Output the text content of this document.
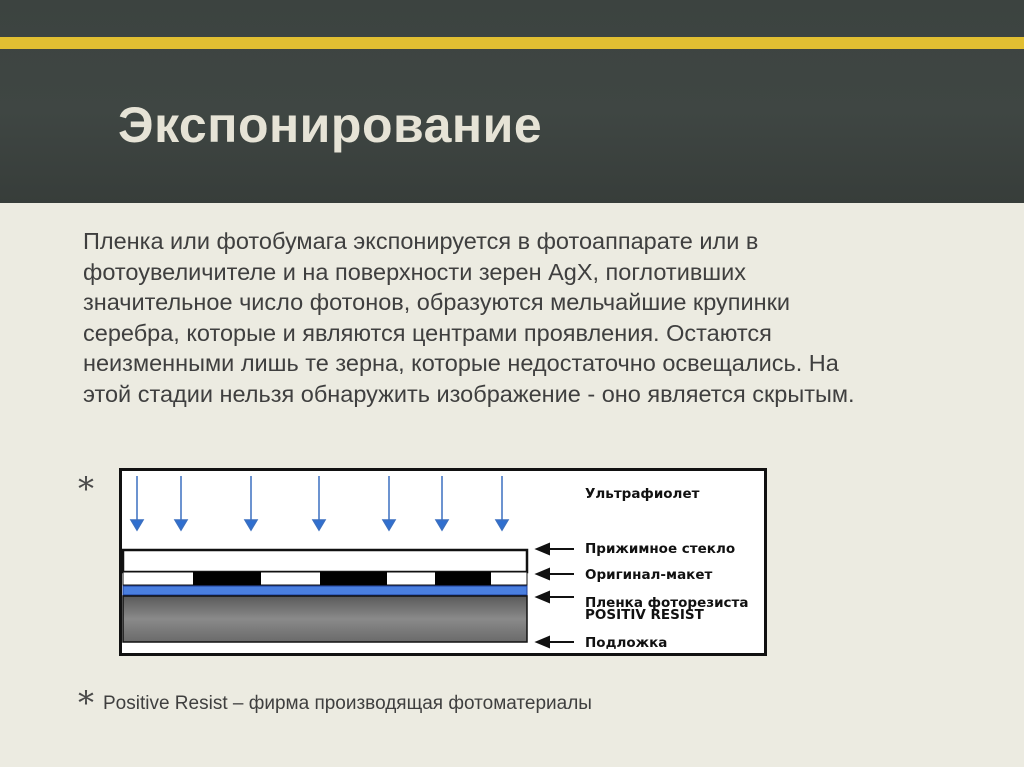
Экспонирование
Пленка или фотобумага экспонируется в фотоаппарате или в
фотоувеличителе и на поверхности зерен AgX, поглотивших
значительное число фотонов, образуются мельчайшие крупинки
серебра, которые и являются центрами проявления. Остаются
неизменными лишь те зерна, которые недостаточно освещались. На
этой стадии нельзя обнаружить изображение - оно является скрытым.
*	Ультрафиолет
Прижимное стекло
Оригинал-макет
Пленка фоторезиста
POSITIV RESIST
Подложка
* Positive Resist – фирма производящая фотоматериалы
